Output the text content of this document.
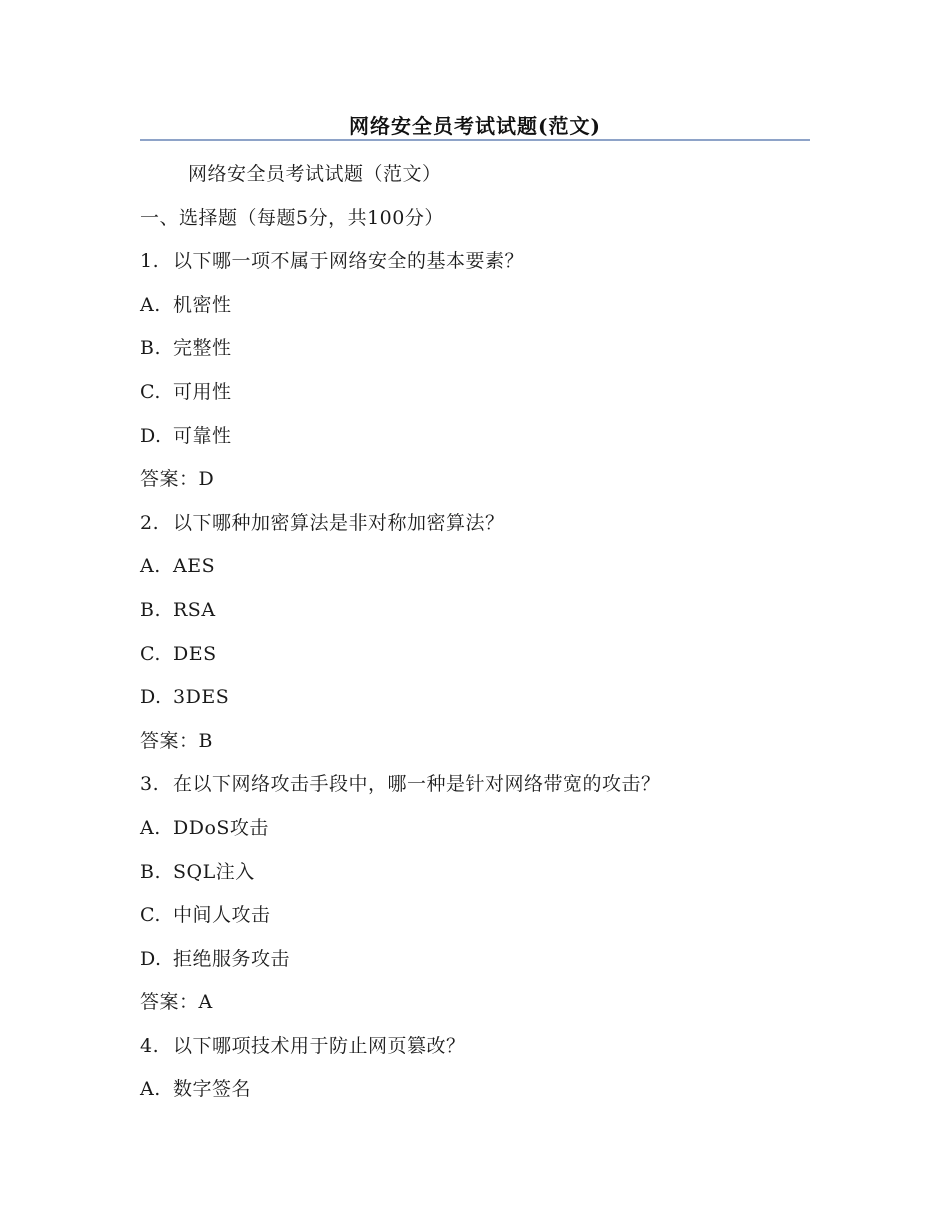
网络安全员考试试题(范文)
网络安全员考试试题（范文）
一、选择题（每题5分，共100分）
1. 以下哪一项不属于网络安全的基本要素？
A. 机密性
B. 完整性
C. 可用性
D. 可靠性
答案：D
2. 以下哪种加密算法是非对称加密算法？
A. AES
B. RSA
C. DES
D. 3DES
答案：B
3. 在以下网络攻击手段中，哪一种是针对网络带宽的攻击？
A. DDoS攻击
B. SQL注入
C. 中间人攻击
D. 拒绝服务攻击
答案：A
4. 以下哪项技术用于防止网页篡改？
A. 数字签名
